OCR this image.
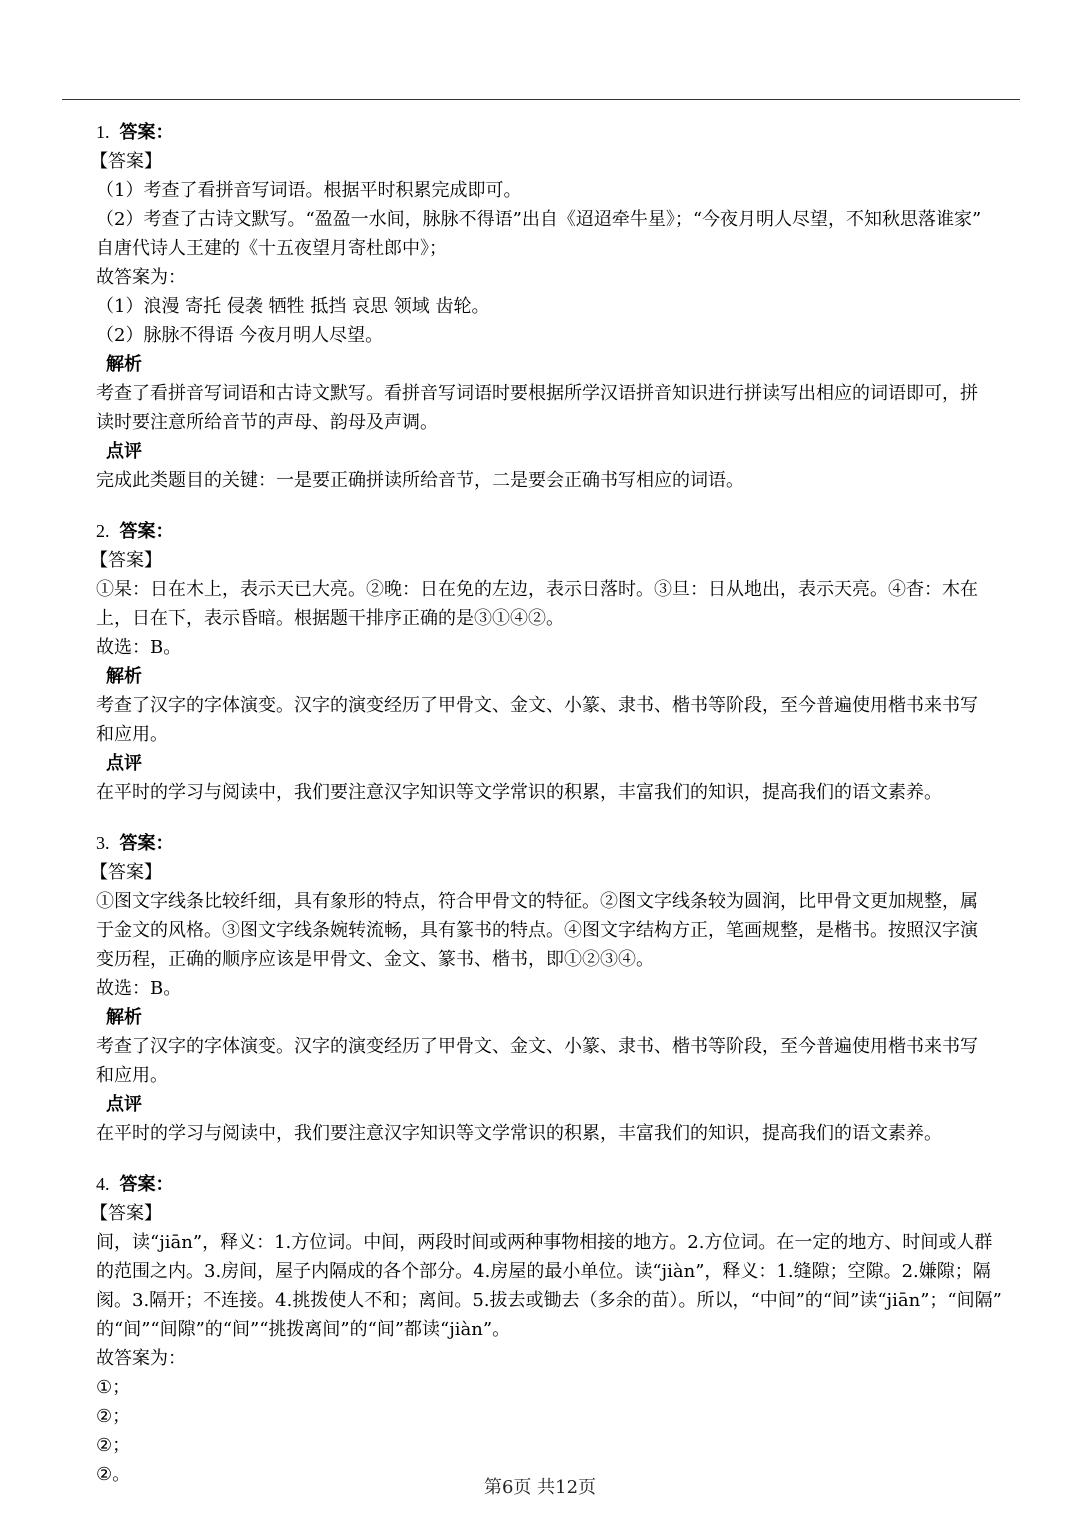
1. 答案：
【答案】
（1）考查了看拼音写词语。根据平时积累完成即可。
（2）考查了古诗文默写。“盈盈一水间，脉脉不得语”出自《迢迢牵牛星》；“今夜月明人尽望，不知秋思落谁家”
自唐代诗人王建的《十五夜望月寄杜郎中》；
故答案为：
（1）浪漫 寄托 侵袭 牺牲 抵挡 哀思 领域 齿轮。
（2）脉脉不得语 今夜月明人尽望。
解析
考查了看拼音写词语和古诗文默写。看拼音写词语时要根据所学汉语拼音知识进行拼读写出相应的词语即可，拼
读时要注意所给音节的声母、韵母及声调。
点评
完成此类题目的关键：一是要正确拼读所给音节，二是要会正确书写相应的词语。
2. 答案：
【答案】
①杲：日在木上，表示天已大亮。②晚：日在免的左边，表示日落时。③旦：日从地出，表示天亮。④杳：木在
上，日在下，表示昏暗。根据题干排序正确的是③①④②。
故选：B。
解析
考查了汉字的字体演变。汉字的演变经历了甲骨文、金文、小篆、隶书、楷书等阶段，至今普遍使用楷书来书写
和应用。
点评
在平时的学习与阅读中，我们要注意汉字知识等文学常识的积累，丰富我们的知识，提高我们的语文素养。
3. 答案：
【答案】
①图文字线条比较纤细，具有象形的特点，符合甲骨文的特征。②图文字线条较为圆润，比甲骨文更加规整，属
于金文的风格。③图文字线条婉转流畅，具有篆书的特点。④图文字结构方正，笔画规整，是楷书。按照汉字演
变历程，正确的顺序应该是甲骨文、金文、篆书、楷书，即①②③④。
故选：B。
解析
考查了汉字的字体演变。汉字的演变经历了甲骨文、金文、小篆、隶书、楷书等阶段，至今普遍使用楷书来书写
和应用。
点评
在平时的学习与阅读中，我们要注意汉字知识等文学常识的积累，丰富我们的知识，提高我们的语文素养。
4. 答案：
【答案】
间，读“jiān”，释义：1.方位词。中间，两段时间或两种事物相接的地方。2.方位词。在一定的地方、时间或人群
的范围之内。3.房间，屋子内隔成的各个部分。4.房屋的最小单位。读“jiàn”，释义：1.缝隙；空隙。2.嫌隙；隔
阂。3.隔开；不连接。4.挑拨使人不和；离间。5.拔去或锄去（多余的苗）。所以，“中间”的“间”读“jiān”；“间隔”
的“间”“间隙”的“间”“挑拨离间”的“间”都读“jiàn”。
故答案为：
①；
②；
②；
②。
第6页 共12页
